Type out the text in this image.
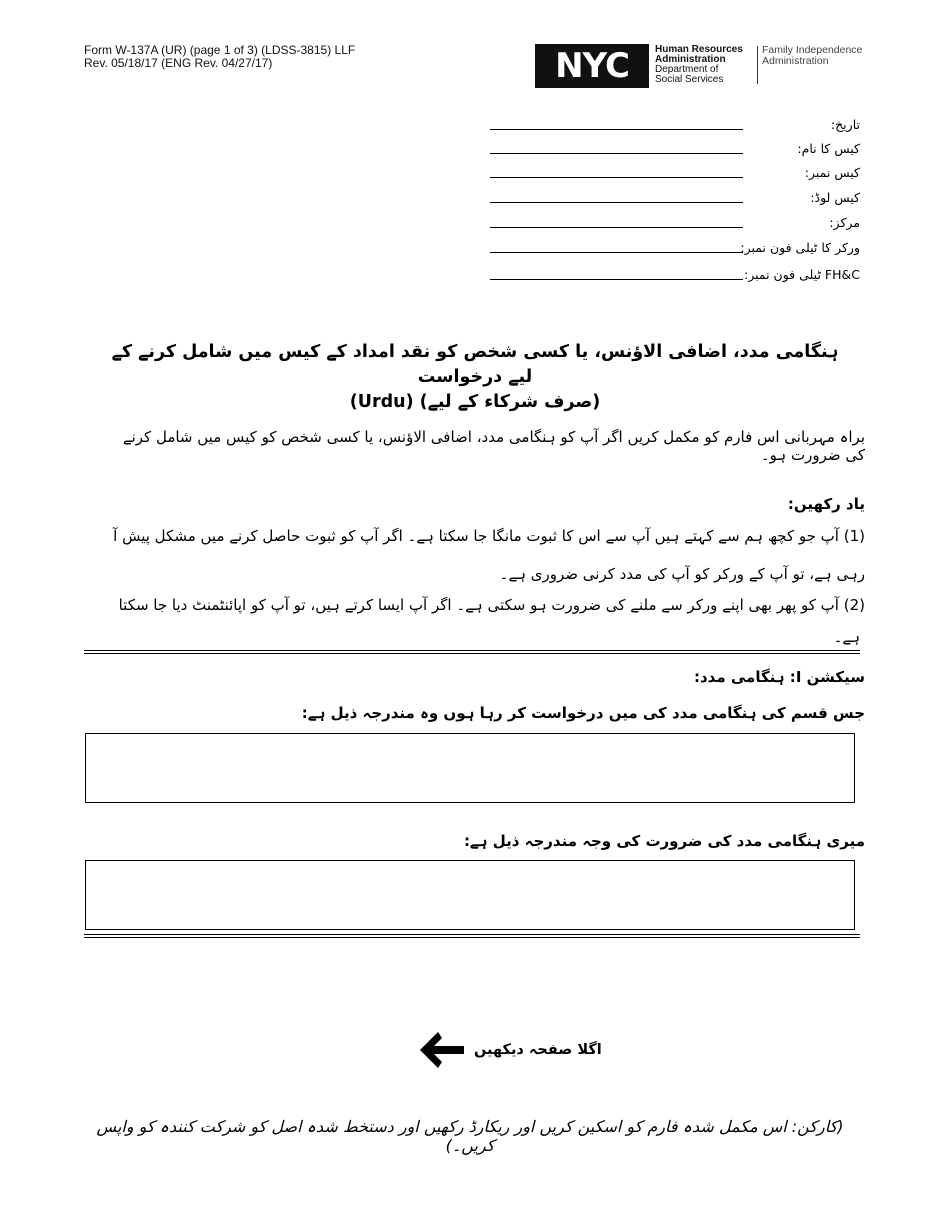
Form W-137A (UR) (page 1 of 3) (LDSS-3815) LLF
Rev. 05/18/17 (ENG Rev. 04/27/17)	NYC	Human Resources
Administration
Department of
Social Services
Family Independence
Administration
تاریخ:
کیس کا نام:
کیس نمبر:
کیس لوڈ:
مرکز:
ورکر کا ٹیلی فون نمبر:
FH&C ٹیلی فون نمبر:
ہنگامی مدد، اضافی الاؤنس، یا کسی شخص کو نقد امداد کے کیس میں شامل کرنے کے لیے درخواست
(صرف شرکاء کے لیے) (Urdu)
براہ مہربانی اس فارم کو مکمل کریں اگر آپ کو ہنگامی مدد، اضافی الاؤنس، یا کسی شخص کو کیس میں شامل کرنے کی ضرورت ہو۔
یاد رکھیں:
(1) آپ جو کچھ ہم سے کہتے ہیں آپ سے اس کا ثبوت مانگا جا سکتا ہے۔ اگر آپ کو ثبوت حاصل کرنے میں مشکل پیش آ
رہی ہے، تو آپ کے ورکر کو آپ کی مدد کرنی ضروری ہے۔
(2) آپ کو پھر بھی اپنے ورکر سے ملنے کی ضرورت ہو سکتی ہے۔ اگر آپ ایسا کرتے ہیں، تو آپ کو اپائنٹمنٹ دیا جا سکتا
ہے۔
سیکشن I: ہنگامی مدد:
جس قسم کی ہنگامی مدد کی میں درخواست کر رہا ہوں وہ مندرجہ ذیل ہے:
میری ہنگامی مدد کی ضرورت کی وجہ مندرجہ ذیل ہے:
اگلا صفحہ دیکھیں
(کارکن: اس مکمل شدہ فارم کو اسکین کریں اور ریکارڈ رکھیں اور دستخط شدہ اصل کو شرکت کنندہ کو واپس کریں۔)
